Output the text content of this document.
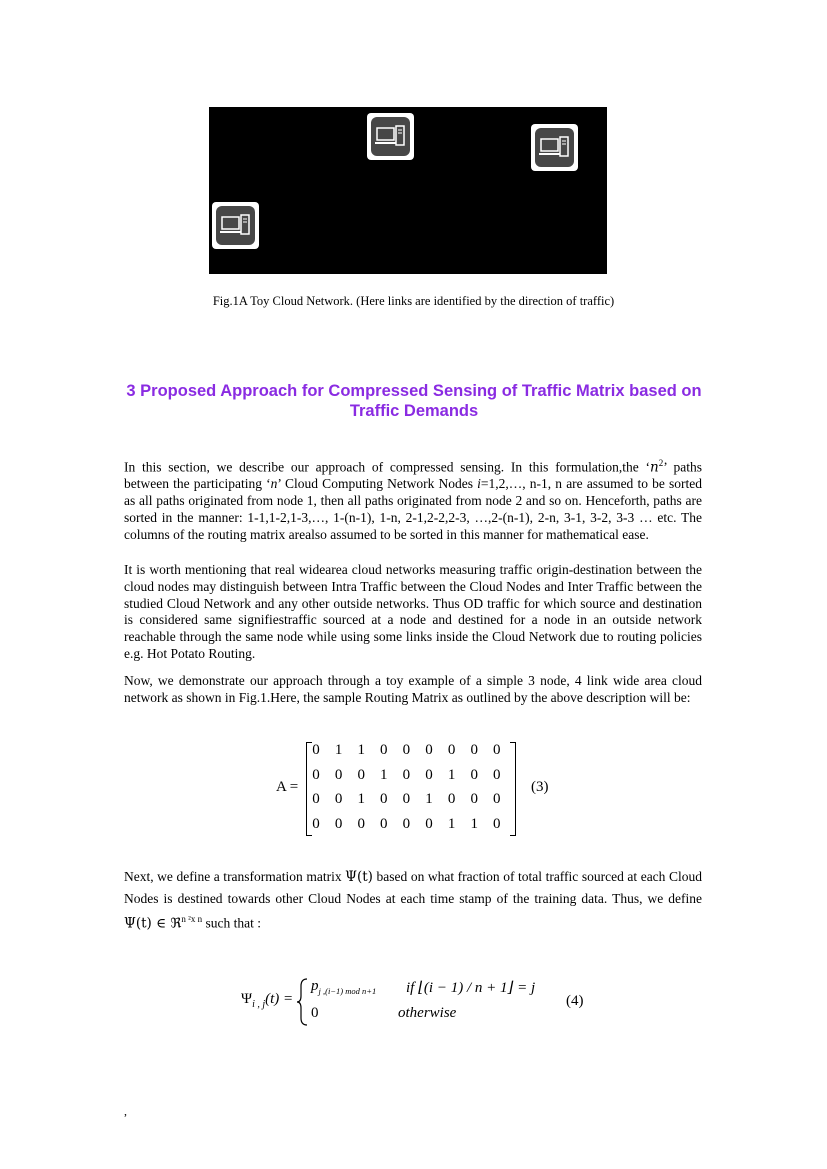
Fig.1A Toy Cloud Network. (Here links are identified by the direction of traffic)
3 Proposed Approach for Compressed Sensing of Traffic Matrix based on
Traffic Demands
In this section, we describe our approach of compressed sensing. In this formulation,the ‘$n^2$’ paths between the participating ‘n’ Cloud Computing Network Nodes i=1,2,…, n-1, n are assumed to be sorted as all paths originated from node 1, then all paths originated from node 2 and so on. Henceforth, paths are sorted in the manner: 1-1,1-2,1-3,…, 1-(n-1), 1-n, 2-1,2-2,2-3, …,2-(n-1), 2-n, 3-1, 3-2, 3-3 … etc. The columns of the routing matrix arealso assumed to be sorted in this manner for mathematical ease.
It is worth mentioning that real widearea cloud networks measuring traffic origin-destination between the cloud nodes may distinguish between Intra Traffic between the Cloud Nodes and Inter Traffic between the studied Cloud Network and any other outside networks. Thus OD traffic for which source and destination is considered same signifiestraffic sourced at a node and destined for a node in an outside network reachable through the same node while using some links inside the Cloud Network due to routing policies e.g. Hot Potato Routing.
Now, we demonstrate our approach through a toy example of a simple 3 node, 4 link wide area cloud network as shown in Fig.1.Here, the sample Routing Matrix as outlined by the above description will be:
A =
0	1	1	0	0	0	0	0	0
0	0	0	1	0	0	1	0	0
0	0	1	0	0	1	0	0	0
0	0	0	0	0	0	1	1	0
(3)
Next, we define a transformation matrix Ψ(t) based on what fraction of total traffic sourced at each Cloud Nodes is destined towards other Cloud Nodes at each time stamp of the training data. Thus, we define Ψ(t) ∈ ℜ$^{n ^2x n}$ such that :
$\Psi_{i , j}(t)$ =
$p_{j ,(i-1) mod n+1}$ if ⌊(i − 1) / n + 1⌋ = j
0	otherwise
(4)
,
